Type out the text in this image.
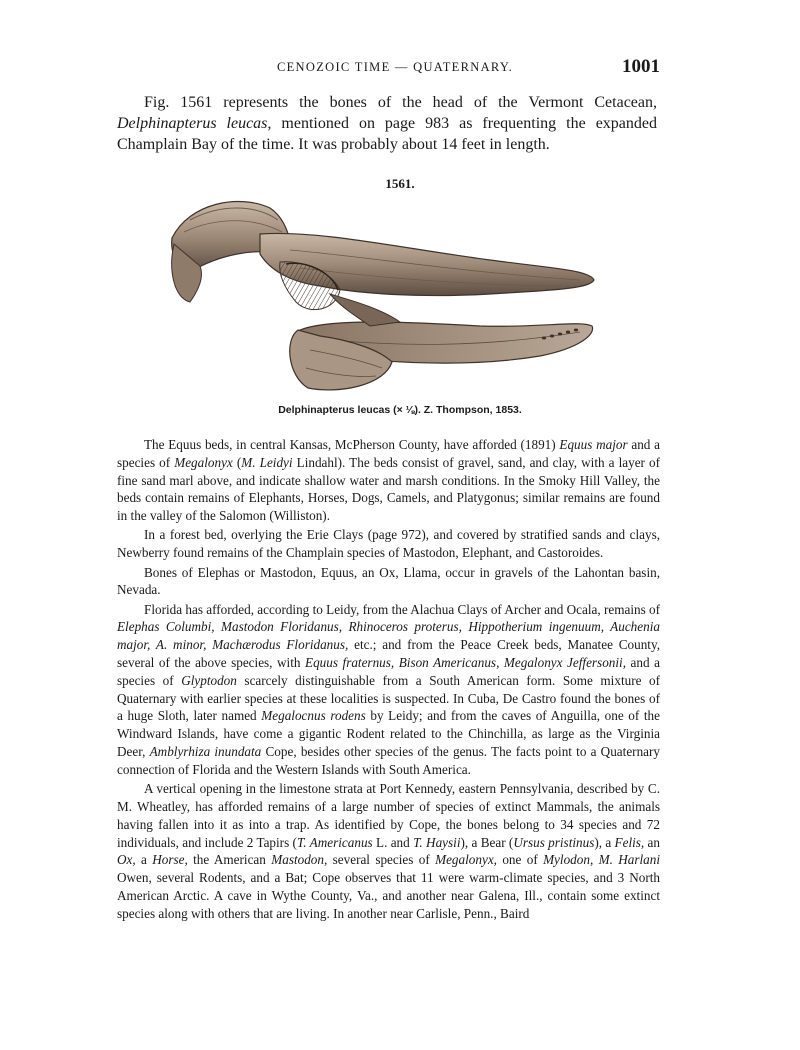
CENOZOIC TIME — QUATERNARY.	1001

Fig. 1561 represents the bones of the head of the Vermont Cetacean, Delphinapterus leucas, mentioned on page 983 as frequenting the expanded Champlain Bay of the time. It was probably about 14 feet in length.

1561.
Delphinapterus leucas (× ⅛). Z. Thompson, 1853.

The Equus beds, in central Kansas, McPherson County, have afforded (1891) Equus major and a species of Megalonyx (M. Leidyi Lindahl). The beds consist of gravel, sand, and clay, with a layer of fine sand marl above, and indicate shallow water and marsh conditions. In the Smoky Hill Valley, the beds contain remains of Elephants, Horses, Dogs, Camels, and Platygonus; similar remains are found in the valley of the Salomon (Williston).

In a forest bed, overlying the Erie Clays (page 972), and covered by stratified sands and clays, Newberry found remains of the Champlain species of Mastodon, Elephant, and Castoroides.

Bones of Elephas or Mastodon, Equus, an Ox, Llama, occur in gravels of the Lahontan basin, Nevada.

Florida has afforded, according to Leidy, from the Alachua Clays of Archer and Ocala, remains of Elephas Columbi, Mastodon Floridanus, Rhinoceros proterus, Hippotherium ingenuum, Auchenia major, A. minor, Machærodus Floridanus, etc.; and from the Peace Creek beds, Manatee County, several of the above species, with Equus fraternus, Bison Americanus, Megalonyx Jeffersonii, and a species of Glyptodon scarcely distinguishable from a South American form. Some mixture of Quaternary with earlier species at these localities is suspected. In Cuba, De Castro found the bones of a huge Sloth, later named Megalocnus rodens by Leidy; and from the caves of Anguilla, one of the Windward Islands, have come a gigantic Rodent related to the Chinchilla, as large as the Virginia Deer, Amblyrhiza inundata Cope, besides other species of the genus. The facts point to a Quaternary connection of Florida and the Western Islands with South America.

A vertical opening in the limestone strata at Port Kennedy, eastern Pennsylvania, described by C. M. Wheatley, has afforded remains of a large number of species of extinct Mammals, the animals having fallen into it as into a trap. As identified by Cope, the bones belong to 34 species and 72 individuals, and include 2 Tapirs (T. Americanus L. and T. Haysii), a Bear (Ursus pristinus), a Felis, an Ox, a Horse, the American Mastodon, several species of Megalonyx, one of Mylodon, M. Harlani Owen, several Rodents, and a Bat; Cope observes that 11 were warm-climate species, and 3 North American Arctic. A cave in Wythe County, Va., and another near Galena, Ill., contain some extinct species along with others that are living. In another near Carlisle, Penn., Baird
